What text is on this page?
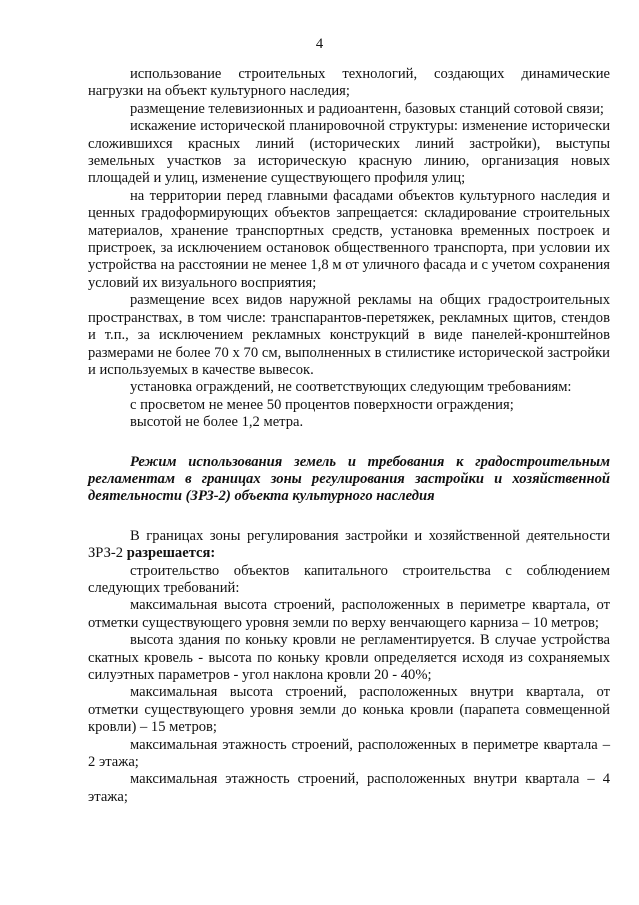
4

использование строительных технологий, создающих динамические нагрузки на объект культурного наследия;

размещение телевизионных и радиоантенн, базовых станций сотовой связи;

искажение исторической планировочной структуры: изменение исторически сложившихся красных линий (исторических линий застройки), выступы земельных участков за историческую красную линию, организация новых площадей и улиц, изменение существующего профиля улиц;

на территории перед главными фасадами объектов культурного наследия и ценных градоформирующих объектов запрещается: складирование строительных материалов, хранение транспортных средств, установка временных построек и пристроек, за исключением остановок общественного транспорта, при условии их устройства на расстоянии не менее 1,8 м от уличного фасада и с учетом сохранения условий их визуального восприятия;

размещение всех видов наружной рекламы на общих градостроительных пространствах, в том числе: транспарантов-перетяжек, рекламных щитов, стендов и т.п., за исключением рекламных конструкций в виде панелей-кронштейнов размерами не более 70 х 70 см, выполненных в стилистике исторической застройки и используемых в качестве вывесок.

установка ограждений, не соответствующих следующим требованиям:

с просветом не менее 50 процентов поверхности ограждения;

высотой не более 1,2 метра.

Режим использования земель и требования к градостроительным регламентам в границах зоны регулирования застройки и хозяйственной деятельности (ЗРЗ-2) объекта культурного наследия

В границах зоны регулирования застройки и хозяйственной деятельности ЗРЗ-2 разрешается:

строительство объектов капитального строительства с соблюдением следующих требований:

максимальная высота строений, расположенных в периметре квартала, от отметки существующего уровня земли по верху венчающего карниза – 10 метров;

высота здания по коньку кровли не регламентируется. В случае устройства скатных кровель - высота по коньку кровли определяется исходя из сохраняемых силуэтных параметров - угол наклона кровли 20 - 40%;

максимальная высота строений, расположенных внутри квартала, от отметки существующего уровня земли до конька кровли (парапета совмещенной кровли) – 15 метров;

максимальная этажность строений, расположенных в периметре квартала – 2 этажа;

максимальная этажность строений, расположенных внутри квартала – 4 этажа;
